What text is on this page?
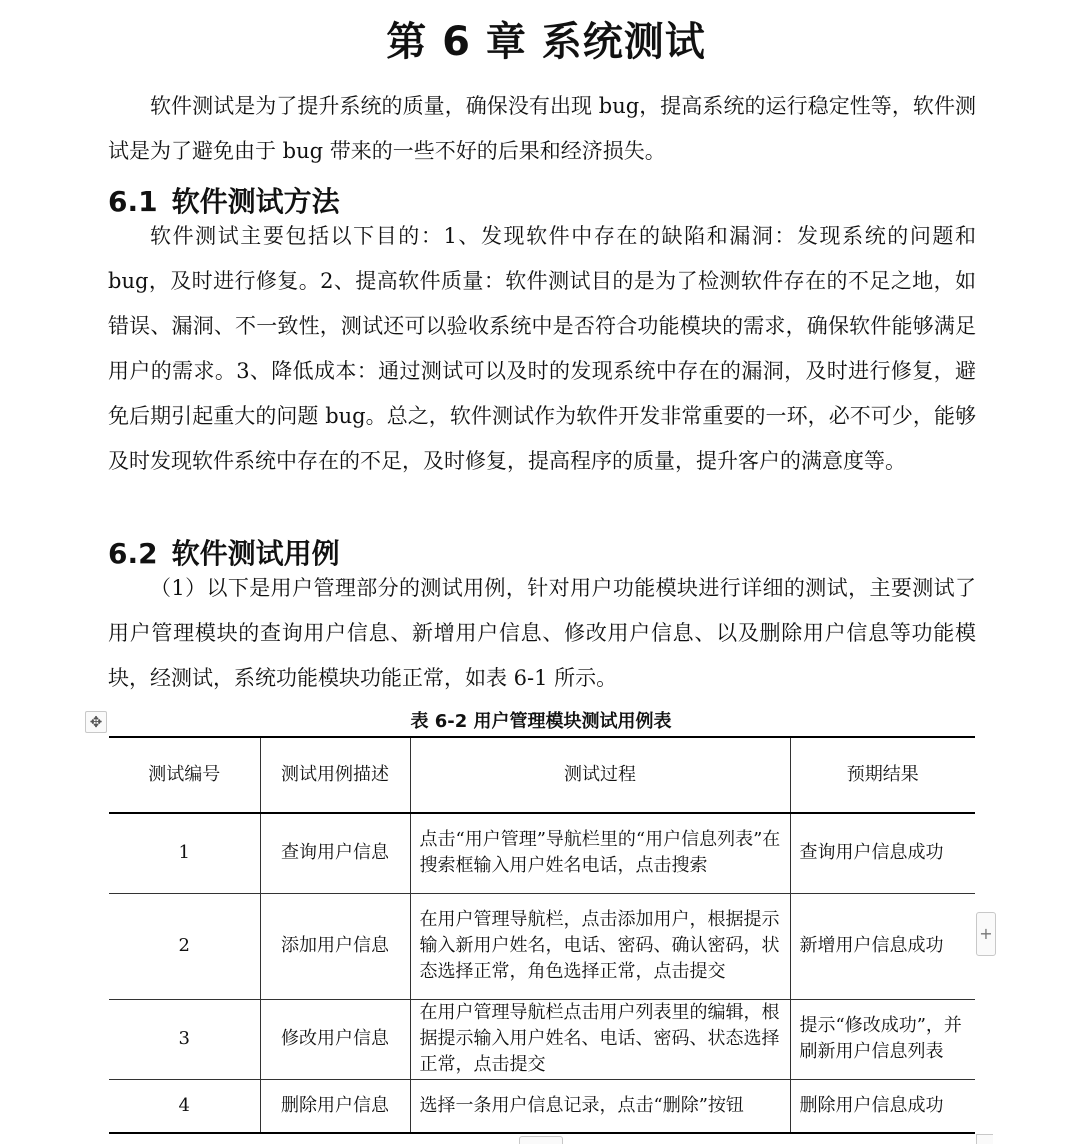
第 6 章 系统测试

软件测试是为了提升系统的质量，确保没有出现 bug，提高系统的运行稳定性等，软件测试是为了避免由于 bug 带来的一些不好的后果和经济损失。

6.1 软件测试方法

软件测试主要包括以下目的：1、发现软件中存在的缺陷和漏洞：发现系统的问题和 bug，及时进行修复。2、提高软件质量：软件测试目的是为了检测软件存在的不足之地，如错误、漏洞、不一致性，测试还可以验收系统中是否符合功能模块的需求，确保软件能够满足用户的需求。3、降低成本：通过测试可以及时的发现系统中存在的漏洞，及时进行修复，避免后期引起重大的问题 bug。总之，软件测试作为软件开发非常重要的一环，必不可少，能够及时发现软件系统中存在的不足，及时修复，提高程序的质量，提升客户的满意度等。

6.2 软件测试用例

（1）以下是用户管理部分的测试用例，针对用户功能模块进行详细的测试，主要测试了用户管理模块的查询用户信息、新增用户信息、修改用户信息、以及删除用户信息等功能模块，经测试，系统功能模块功能正常，如表 6-1 所示。

✥	表 6-2 用户管理模块测试用例表
测试编号	测试用例描述	测试过程	预期结果
1	查询用户信息	点击“用户管理”导航栏里的“用户信息列表”在搜索框输入用户姓名电话，点击搜索	查询用户信息成功
2	添加用户信息	在用户管理导航栏，点击添加用户，根据提示输入新用户姓名，电话、密码、确认密码，状态选择正常，角色选择正常，点击提交	新增用户信息成功
3	修改用户信息	在用户管理导航栏点击用户列表里的编辑，根据提示输入用户姓名、电话、密码、状态选择正常，点击提交	提示“修改成功”，并刷新用户信息列表
4	删除用户信息	选择一条用户信息记录，点击“删除”按钮	删除用户信息成功
+
